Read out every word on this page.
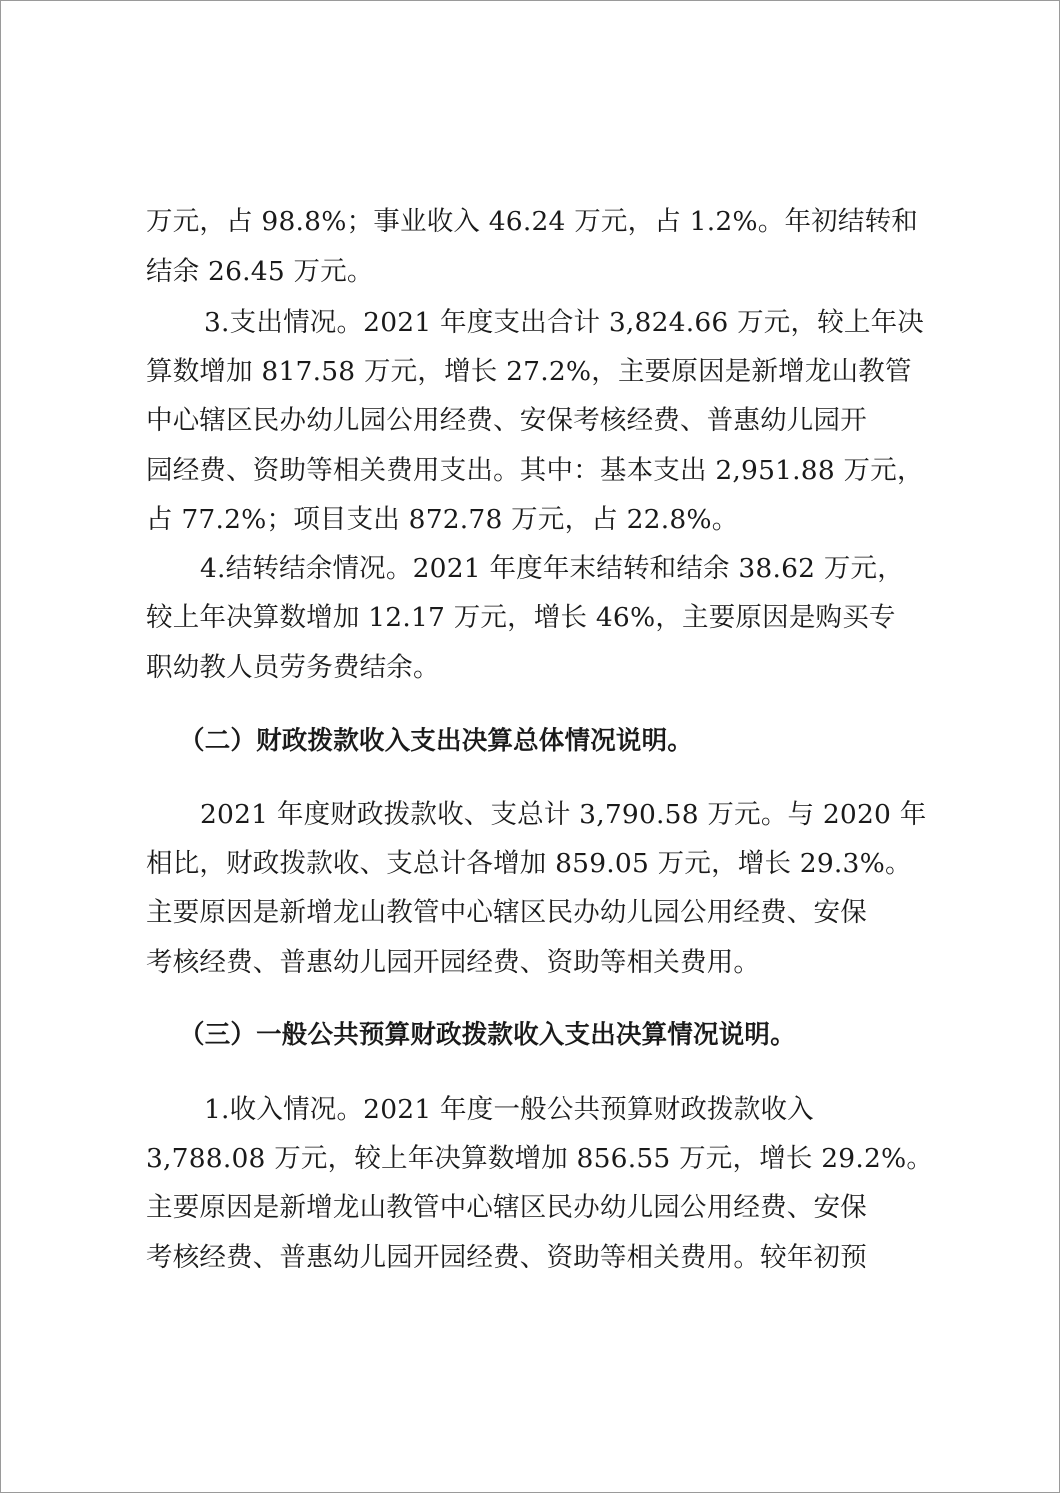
万元，占 98.8%；事业收入 46.24 万元，占 1.2%。年初结转和
结余 26.45 万元。
3.支出情况。2021 年度支出合计 3,824.66 万元，较上年决
算数增加 817.58 万元，增长 27.2%，主要原因是新增龙山教管
中心辖区民办幼儿园公用经费、安保考核经费、普惠幼儿园开
园经费、资助等相关费用支出。其中：基本支出 2,951.88 万元，
占 77.2%；项目支出 872.78 万元，占 22.8%。
4.结转结余情况。2021 年度年末结转和结余 38.62 万元，
较上年决算数增加 12.17 万元，增长 46%，主要原因是购买专
职幼教人员劳务费结余。
（二）财政拨款收入支出决算总体情况说明。
2021 年度财政拨款收、支总计 3,790.58 万元。与 2020 年
相比，财政拨款收、支总计各增加 859.05 万元，增长 29.3%。
主要原因是新增龙山教管中心辖区民办幼儿园公用经费、安保
考核经费、普惠幼儿园开园经费、资助等相关费用。
（三）一般公共预算财政拨款收入支出决算情况说明。
1.收入情况。2021 年度一般公共预算财政拨款收入
3,788.08 万元，较上年决算数增加 856.55 万元，增长 29.2%。
主要原因是新增龙山教管中心辖区民办幼儿园公用经费、安保
考核经费、普惠幼儿园开园经费、资助等相关费用。较年初预
